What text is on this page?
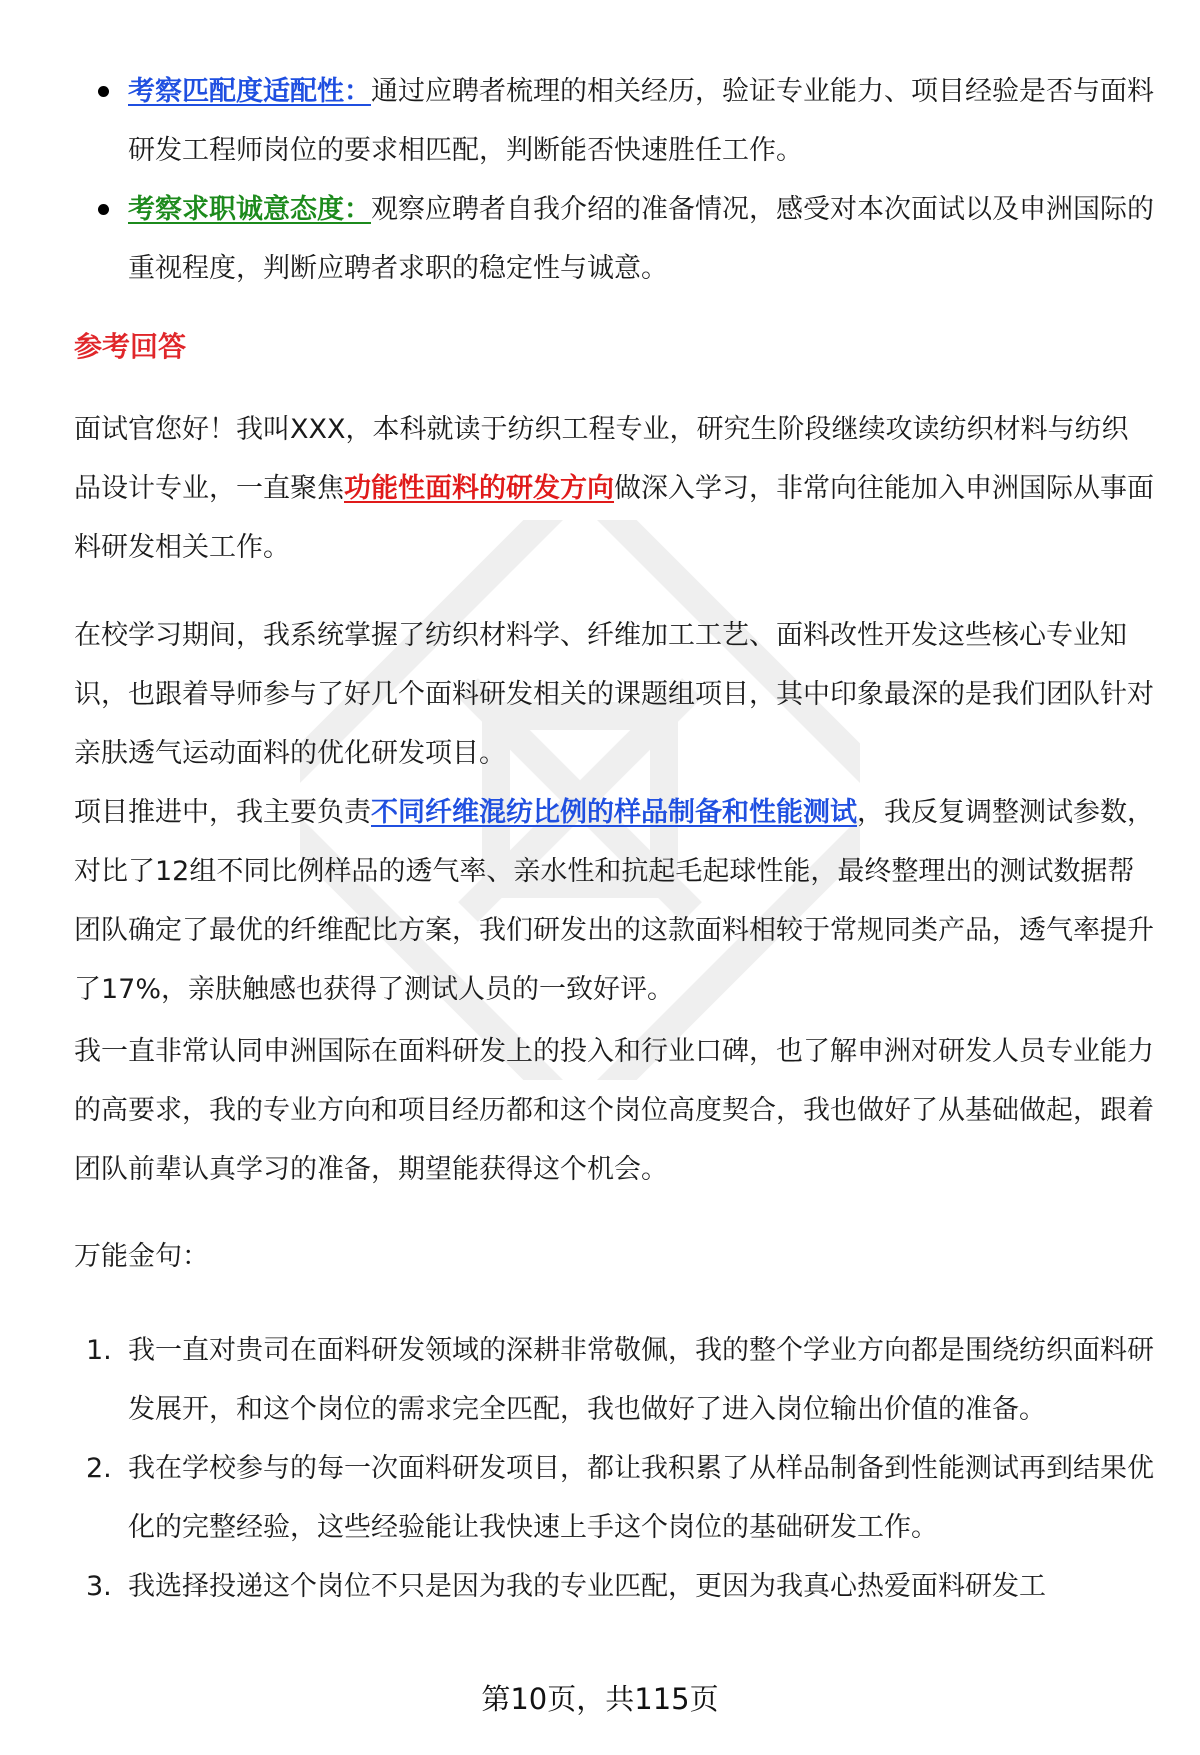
考察匹配度适配性：通过应聘者梳理的相关经历，验证专业能力、项目经验是否与面料研发工程师岗位的要求相匹配，判断能否快速胜任工作。
考察求职诚意态度：观察应聘者自我介绍的准备情况，感受对本次面试以及申洲国际的重视程度，判断应聘者求职的稳定性与诚意。
参考回答

面试官您好！我叫XXX，本科就读于纺织工程专业，研究生阶段继续攻读纺织材料与纺织品设计专业，一直聚焦功能性面料的研发方向做深入学习，非常向往能加入申洲国际从事面料研发相关工作。

在校学习期间，我系统掌握了纺织材料学、纤维加工工艺、面料改性开发这些核心专业知识，也跟着导师参与了好几个面料研发相关的课题组项目，其中印象最深的是我们团队针对亲肤透气运动面料的优化研发项目。

项目推进中，我主要负责不同纤维混纺比例的样品制备和性能测试，我反复调整测试参数，对比了12组不同比例样品的透气率、亲水性和抗起毛起球性能，最终整理出的测试数据帮团队确定了最优的纤维配比方案，我们研发出的这款面料相较于常规同类产品，透气率提升了17%，亲肤触感也获得了测试人员的一致好评。

我一直非常认同申洲国际在面料研发上的投入和行业口碑，也了解申洲对研发人员专业能力的高要求，我的专业方向和项目经历都和这个岗位高度契合，我也做好了从基础做起，跟着团队前辈认真学习的准备，期望能获得这个机会。

万能金句：

1. 我一直对贵司在面料研发领域的深耕非常敬佩，我的整个学业方向都是围绕纺织面料研发展开，和这个岗位的需求完全匹配，我也做好了进入岗位输出价值的准备。
2. 我在学校参与的每一次面料研发项目，都让我积累了从样品制备到性能测试再到结果优化的完整经验，这些经验能让我快速上手这个岗位的基础研发工作。
3. 我选择投递这个岗位不只是因为我的专业匹配，更因为我真心热爱面料研发工
第10页，共115页
